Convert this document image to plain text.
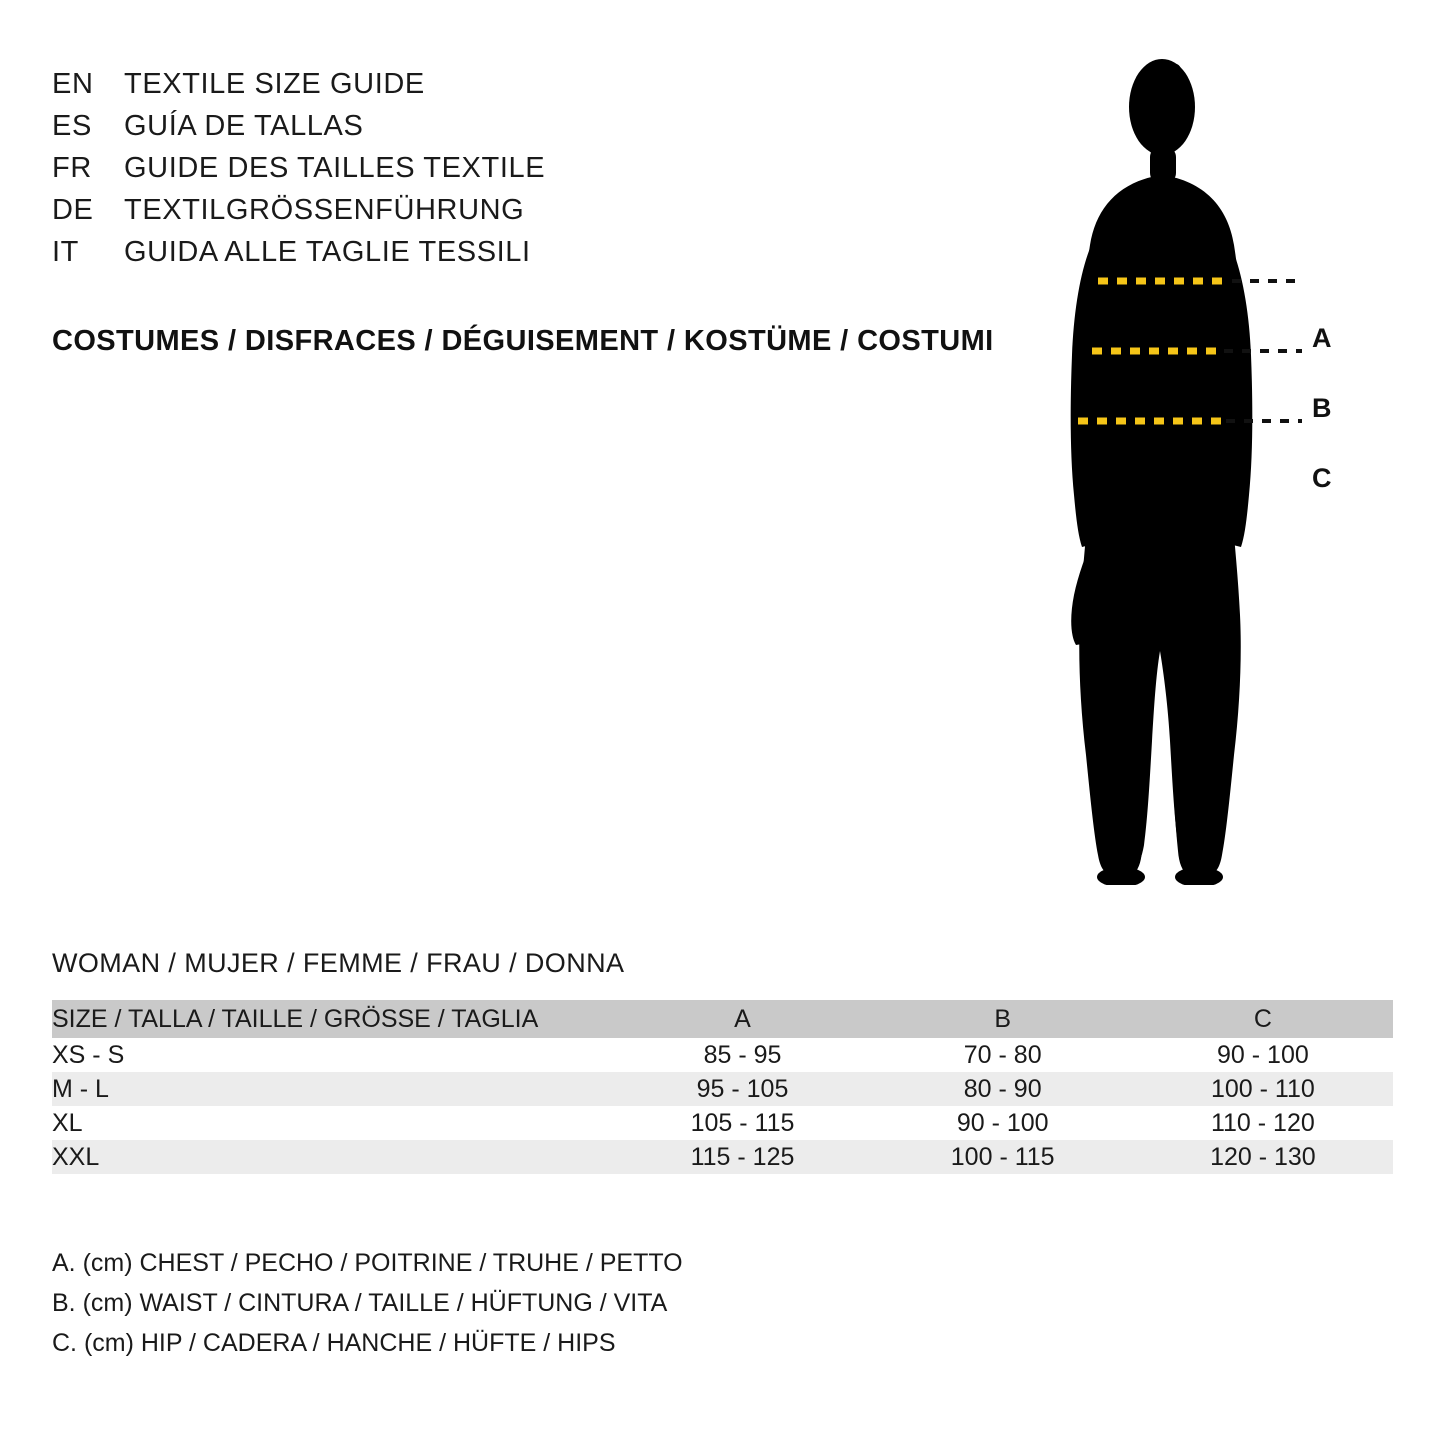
EN	TEXTILE SIZE GUIDE
ES	GUÍA DE TALLAS
FR	GUIDE DES TAILLES TEXTILE
DE	TEXTILGRÖSSENFÜHRUNG
IT	GUIDA ALLE TAGLIE TESSILI
COSTUMES / DISFRACES / DÉGUISEMENT / KOSTÜME / COSTUMI	A
B
C
WOMAN / MUJER / FEMME / FRAU / DONNA
SIZE / TALLA / TAILLE / GRÖSSE / TAGLIA	A	B	C
XS - S	85 - 95	70 - 80	90 - 100
M - L	95 - 105	80 - 90	100 - 110
XL	105 - 115	90 - 100	110 - 120
XXL	115 - 125	100 - 115	120 - 130
A. (cm) CHEST / PECHO / POITRINE / TRUHE / PETTO
B. (cm) WAIST / CINTURA / TAILLE / HÜFTUNG / VITA
C. (cm) HIP / CADERA / HANCHE / HÜFTE / HIPS
